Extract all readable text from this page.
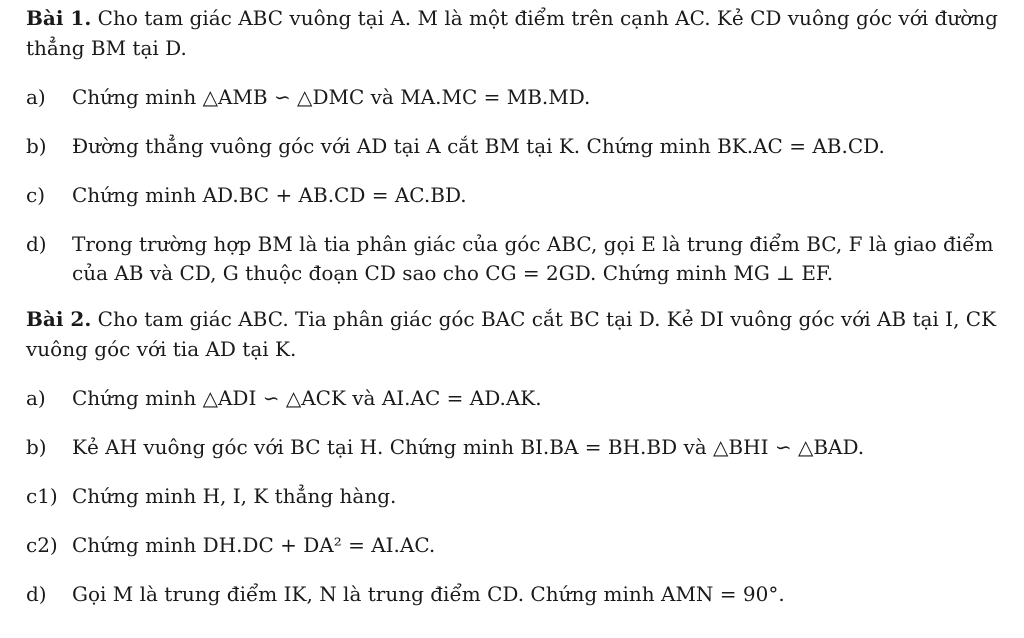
Bài 1. Cho tam giác ABC vuông tại A. M là một điểm trên cạnh AC. Kẻ CD vuông góc với đường thẳng BM tại D.

a)	Chứng minh △AMB ∽ △DMC và MA.MC = MB.MD.
b)	Đường thẳng vuông góc với AD tại A cắt BM tại K. Chứng minh BK.AC = AB.CD.
c)	Chứng minh AD.BC + AB.CD = AC.BD.
d)	Trong trường hợp BM là tia phân giác của góc ABC, gọi E là trung điểm BC, F là giao điểm của AB và CD, G thuộc đoạn CD sao cho CG = 2GD. Chứng minh MG ⊥ EF.

Bài 2. Cho tam giác ABC. Tia phân giác góc BAC cắt BC tại D. Kẻ DI vuông góc với AB tại I, CK vuông góc với tia AD tại K.

a)	Chứng minh △ADI ∽ △ACK và AI.AC = AD.AK.
b)	Kẻ AH vuông góc với BC tại H. Chứng minh BI.BA = BH.BD và △BHI ∽ △BAD.
c1) Chứng minh H, I, K thẳng hàng.
c2) Chứng minh DH.DC + DA² = AI.AC.
d)	Gọi M là trung điểm IK, N là trung điểm CD. Chứng minh AMN = 90°.
